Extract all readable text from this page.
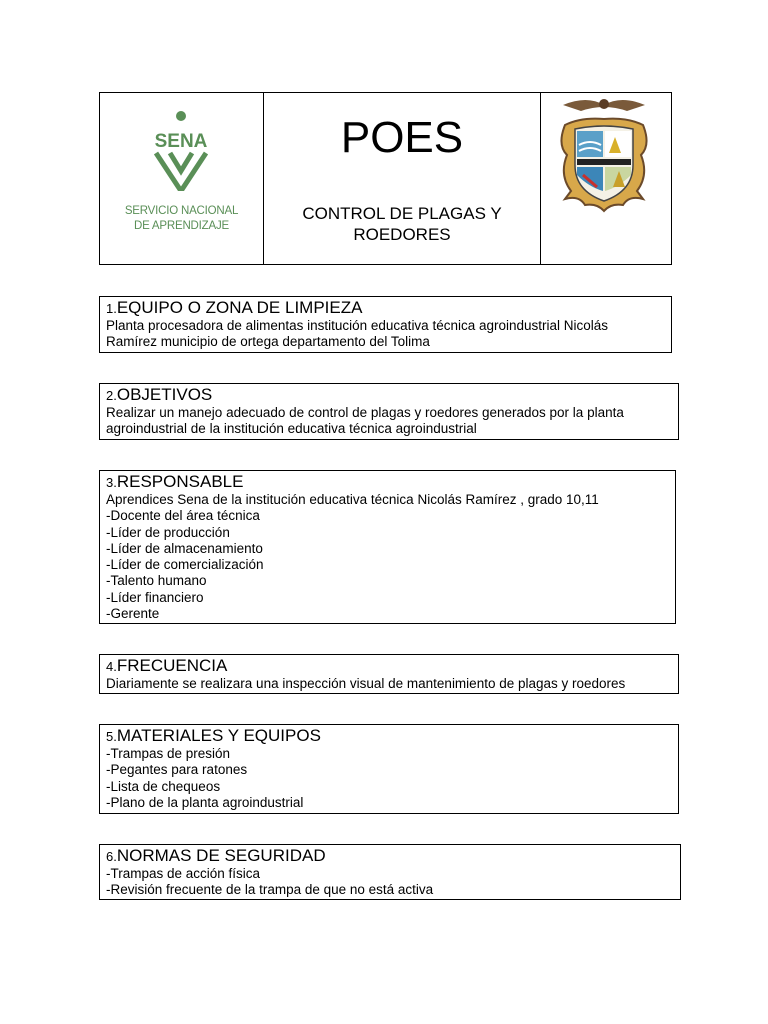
SENA
SERVICIO NACIONAL
DE APRENDIZAJE
POES
CONTROL DE PLAGAS Y ROEDORES
1.EQUIPO O ZONA DE LIMPIEZA
Planta procesadora de alimentas institución educativa técnica agroindustrial Nicolás
Ramírez municipio de ortega departamento del Tolima
2.OBJETIVOS
Realizar un manejo adecuado de control de plagas y roedores generados por la planta
agroindustrial de la institución educativa técnica agroindustrial
3.RESPONSABLE
Aprendices Sena de la institución educativa técnica Nicolás Ramírez , grado 10,11
-Docente del área técnica
-Líder de producción
-Líder de almacenamiento
-Líder de comercialización
-Talento humano
-Líder financiero
-Gerente
4.FRECUENCIA
Diariamente se realizara una inspección visual de mantenimiento de plagas y roedores
5.MATERIALES Y EQUIPOS
-Trampas de presión
-Pegantes para ratones
-Lista de chequeos
-Plano de la planta agroindustrial
6.NORMAS DE SEGURIDAD
-Trampas de acción física
-Revisión frecuente de la trampa de que no está activa
